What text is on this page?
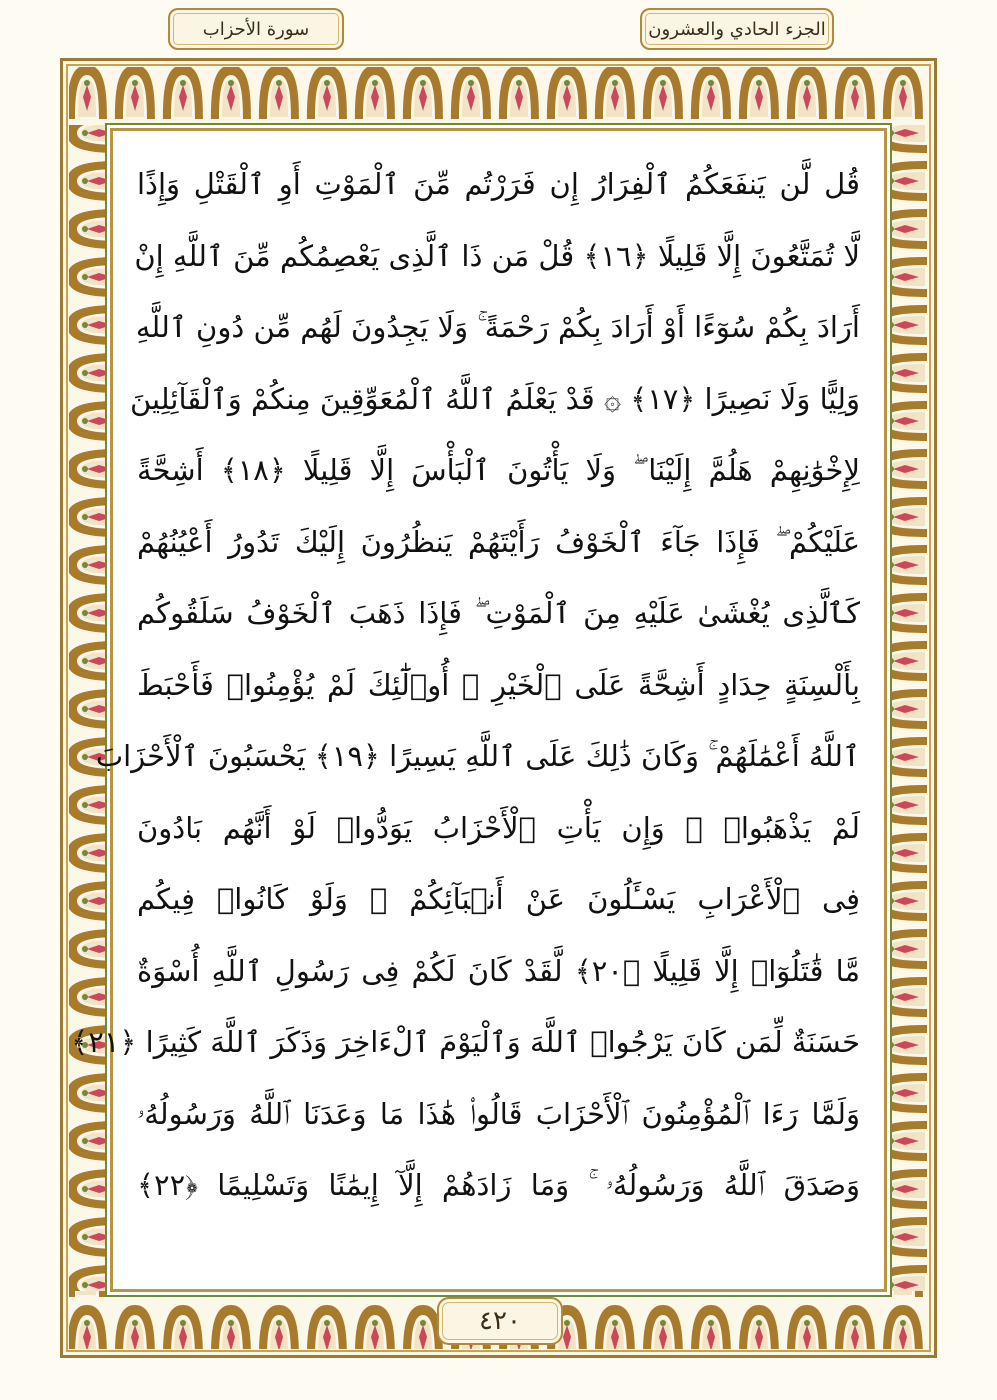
سورة الأحزاب	الجزء الحادي والعشرون
قُل لَّن يَنفَعَكُمُ ٱلْفِرَارُ إِن فَرَرْتُم مِّنَ ٱلْمَوْتِ أَوِ ٱلْقَتْلِ وَإِذًا
لَّا تُمَتَّعُونَ إِلَّا قَلِيلًا ﴿١٦﴾ قُلْ مَن ذَا ٱلَّذِى يَعْصِمُكُم مِّنَ ٱللَّهِ إِنْ
أَرَادَ بِكُمْ سُوٓءًا أَوْ أَرَادَ بِكُمْ رَحْمَةً ۚ وَلَا يَجِدُونَ لَهُم مِّن دُونِ ٱللَّهِ
وَلِيًّا وَلَا نَصِيرًا ﴿١٧﴾ ۞ قَدْ يَعْلَمُ ٱللَّهُ ٱلْمُعَوِّقِينَ مِنكُمْ وَٱلْقَآئِلِينَ
لِإِخْوَٰنِهِمْ هَلُمَّ إِلَيْنَا ۖ وَلَا يَأْتُونَ ٱلْبَأْسَ إِلَّا قَلِيلًا ﴿١٨﴾ أَشِحَّةً
عَلَيْكُمْ ۖ فَإِذَا جَآءَ ٱلْخَوْفُ رَأَيْتَهُمْ يَنظُرُونَ إِلَيْكَ تَدُورُ أَعْيُنُهُمْ
كَٱلَّذِى يُغْشَىٰ عَلَيْهِ مِنَ ٱلْمَوْتِ ۖ فَإِذَا ذَهَبَ ٱلْخَوْفُ سَلَقُوكُم
بِأَلْسِنَةٍ حِدَادٍ أَشِحَّةً عَلَى ٱلْخَيْرِ ۚ أُو۟لَٰٓئِكَ لَمْ يُؤْمِنُوا۟ فَأَحْبَطَ
ٱللَّهُ أَعْمَٰلَهُمْ ۚ وَكَانَ ذَٰلِكَ عَلَى ٱللَّهِ يَسِيرًا ﴿١٩﴾ يَحْسَبُونَ ٱلْأَحْزَابَ
لَمْ يَذْهَبُوا۟ ۖ وَإِن يَأْتِ ٱلْأَحْزَابُ يَوَدُّوا۟ لَوْ أَنَّهُم بَادُونَ
فِى ٱلْأَعْرَابِ يَسْـَٔلُونَ عَنْ أَنۢبَآئِكُمْ ۖ وَلَوْ كَانُوا۟ فِيكُم
مَّا قَٰتَلُوٓا۟ إِلَّا قَلِيلًا ﴿٢٠﴾ لَّقَدْ كَانَ لَكُمْ فِى رَسُولِ ٱللَّهِ أُسْوَةٌ
حَسَنَةٌ لِّمَن كَانَ يَرْجُوا۟ ٱللَّهَ وَٱلْيَوْمَ ٱلْءَاخِرَ وَذَكَرَ ٱللَّهَ كَثِيرًا ﴿٢١﴾
وَلَمَّا رَءَا ٱلْمُؤْمِنُونَ ٱلْأَحْزَابَ قَالُوا۟ هَٰذَا مَا وَعَدَنَا ٱللَّهُ وَرَسُولُهُۥ
وَصَدَقَ ٱللَّهُ وَرَسُولُهُۥ ۚ وَمَا زَادَهُمْ إِلَّآ إِيمَٰنًا وَتَسْلِيمًا ﴿٢٢﴾
٤٢٠
